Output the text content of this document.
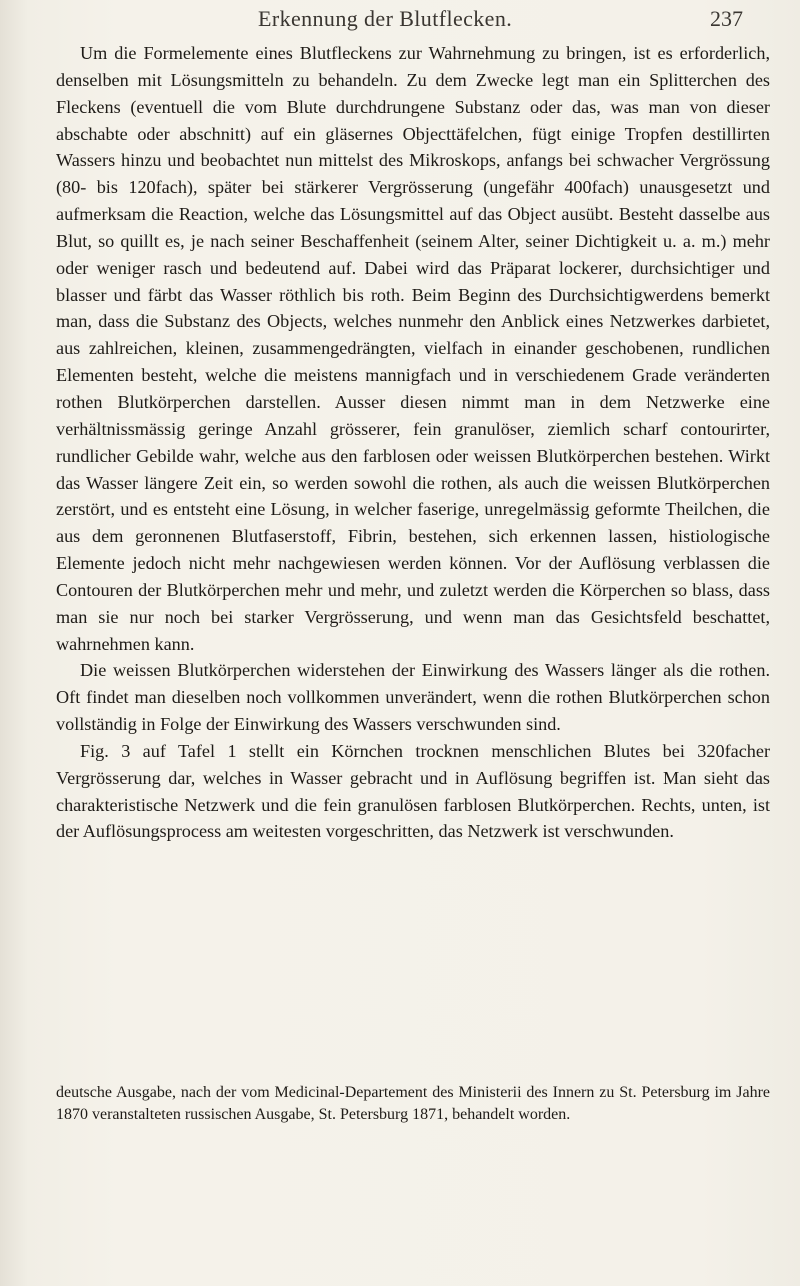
Erkennung der Blutflecken.	237

Um die Formelemente eines Blutfleckens zur Wahrnehmung zu bringen, ist es erforderlich, denselben mit Lösungsmitteln zu behandeln. Zu dem Zwecke legt man ein Splitterchen des Fleckens (eventuell die vom Blute durchdrungene Substanz oder das, was man von dieser abschabte oder abschnitt) auf ein gläsernes Objecttäfelchen, fügt einige Tropfen destillirten Wassers hinzu und beobachtet nun mittelst des Mikroskops, anfangs bei schwacher Vergrössung (80- bis 120fach), später bei stärkerer Vergrösserung (ungefähr 400fach) unausgesetzt und aufmerksam die Reaction, welche das Lösungsmittel auf das Object ausübt. Besteht dasselbe aus Blut, so quillt es, je nach seiner Beschaffenheit (seinem Alter, seiner Dichtigkeit u. a. m.) mehr oder weniger rasch und bedeutend auf. Dabei wird das Präparat lockerer, durchsichtiger und blasser und färbt das Wasser röthlich bis roth. Beim Beginn des Durchsichtigwerdens bemerkt man, dass die Substanz des Objects, welches nunmehr den Anblick eines Netzwerkes darbietet, aus zahlreichen, kleinen, zusammengedrängten, vielfach in einander geschobenen, rundlichen Elementen besteht, welche die meistens mannigfach und in verschiedenem Grade veränderten rothen Blutkörperchen darstellen. Ausser diesen nimmt man in dem Netzwerke eine verhältnissmässig geringe Anzahl grösserer, fein granulöser, ziemlich scharf contourirter, rundlicher Gebilde wahr, welche aus den farblosen oder weissen Blutkörperchen bestehen. Wirkt das Wasser längere Zeit ein, so werden sowohl die rothen, als auch die weissen Blutkörperchen zerstört, und es entsteht eine Lösung, in welcher faserige, unregelmässig geformte Theilchen, die aus dem geronnenen Blutfaserstoff, Fibrin, bestehen, sich erkennen lassen, histiologische Elemente jedoch nicht mehr nachgewiesen werden können. Vor der Auflösung verblassen die Contouren der Blutkörperchen mehr und mehr, und zuletzt werden die Körperchen so blass, dass man sie nur noch bei starker Vergrösserung, und wenn man das Gesichtsfeld beschattet, wahrnehmen kann.

Die weissen Blutkörperchen widerstehen der Einwirkung des Wassers länger als die rothen. Oft findet man dieselben noch vollkommen unverändert, wenn die rothen Blutkörperchen schon vollständig in Folge der Einwirkung des Wassers verschwunden sind.

Fig. 3 auf Tafel 1 stellt ein Körnchen trocknen menschlichen Blutes bei 320facher Vergrösserung dar, welches in Wasser gebracht und in Auflösung begriffen ist. Man sieht das charakteristische Netzwerk und die fein granulösen farblosen Blutkörperchen. Rechts, unten, ist der Auflösungsprocess am weitesten vorgeschritten, das Netzwerk ist verschwunden.

deutsche Ausgabe, nach der vom Medicinal-Departement des Ministerii des Innern zu St. Petersburg im Jahre 1870 veranstalteten russischen Ausgabe, St. Petersburg 1871, behandelt worden.
